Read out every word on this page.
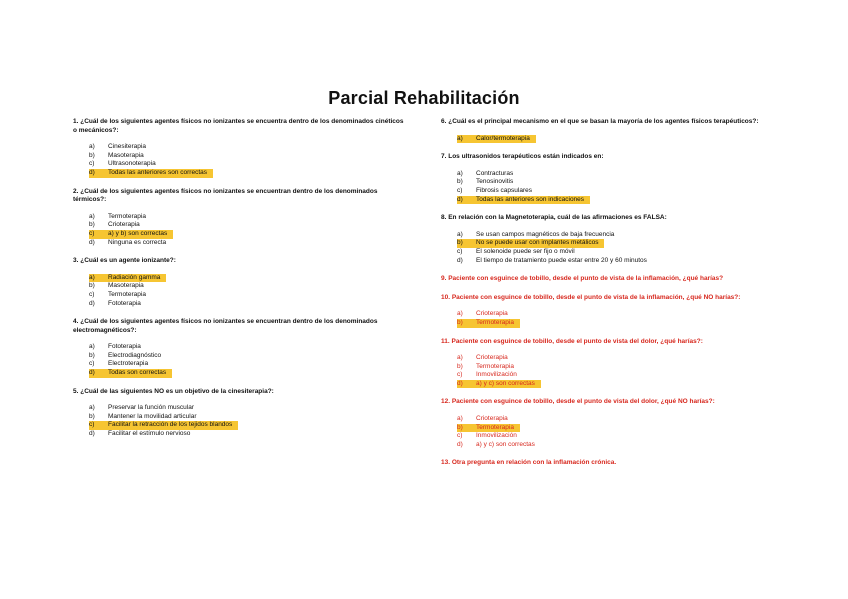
Parcial Rehabilitación
1. ¿Cuál de los siguientes agentes físicos no ionizantes se encuentra dentro de los denominados cinéticos o mecánicos?:
a)	Cinesiterapia
b)	Masoterapia
c)	Ultrasonoterapia
d)	Todas las anteriores son correctas
2. ¿Cuál de los siguientes agentes físicos no ionizantes se encuentran dentro de los denominados térmicos?:
a)	Termoterapia
b)	Crioterapia
c)	a) y b) son correctas
d)	Ninguna es correcta
3. ¿Cuál es un agente ionizante?:
a)	Radiación gamma
b)	Masoterapia
c)	Termoterapia
d)	Fototerapia
4. ¿Cuál de los siguientes agentes físicos no ionizantes se encuentran dentro de los denominados electromagnéticos?:
a)	Fototerapia
b)	Electrodiagnóstico
c)	Electroterapia
d)	Todas son correctas
5. ¿Cuál de las siguientes NO es un objetivo de la cinesiterapia?:
a)	Preservar la función muscular
b)	Mantener la movilidad articular
c)	Facilitar la retracción de los tejidos blandos
d)	Facilitar el estímulo nervioso
6. ¿Cuál es el principal mecanismo en el que se basan la mayoría de los agentes físicos terapéuticos?:
a)	Calor/termoterapia
7. Los ultrasonidos terapéuticos están indicados en:
a)	Contracturas
b)	Tenosinovitis
c)	Fibrosis capsulares
d)	Todas las anteriores son indicaciones
8. En relación con la Magnetoterapia, cuál de las afirmaciones es FALSA:
a)	Se usan campos magnéticos de baja frecuencia
b)	No se puede usar con implantes metálicos
c)	El solenoide puede ser fijo o móvil
d)	El tiempo de tratamiento puede estar entre 20 y 60 minutos
9. Paciente con esguince de tobillo, desde el punto de vista de la inflamación, ¿qué harías?
10. Paciente con esguince de tobillo, desde el punto de vista de la inflamación, ¿qué NO harías?:
a)	Crioterapia
b)	Termoterapia
11. Paciente con esguince de tobillo, desde el punto de vista del dolor, ¿qué harías?:
a)	Crioterapia
b)	Termoterapia
c)	Inmovilización
d)	a) y c) son correctas
12. Paciente con esguince de tobillo, desde el punto de vista del dolor, ¿qué NO harías?:
a)	Crioterapia
b)	Termoterapia
c)	Inmovilización
d)	a) y c) son correctas
13. Otra pregunta en relación con la inflamación crónica.
